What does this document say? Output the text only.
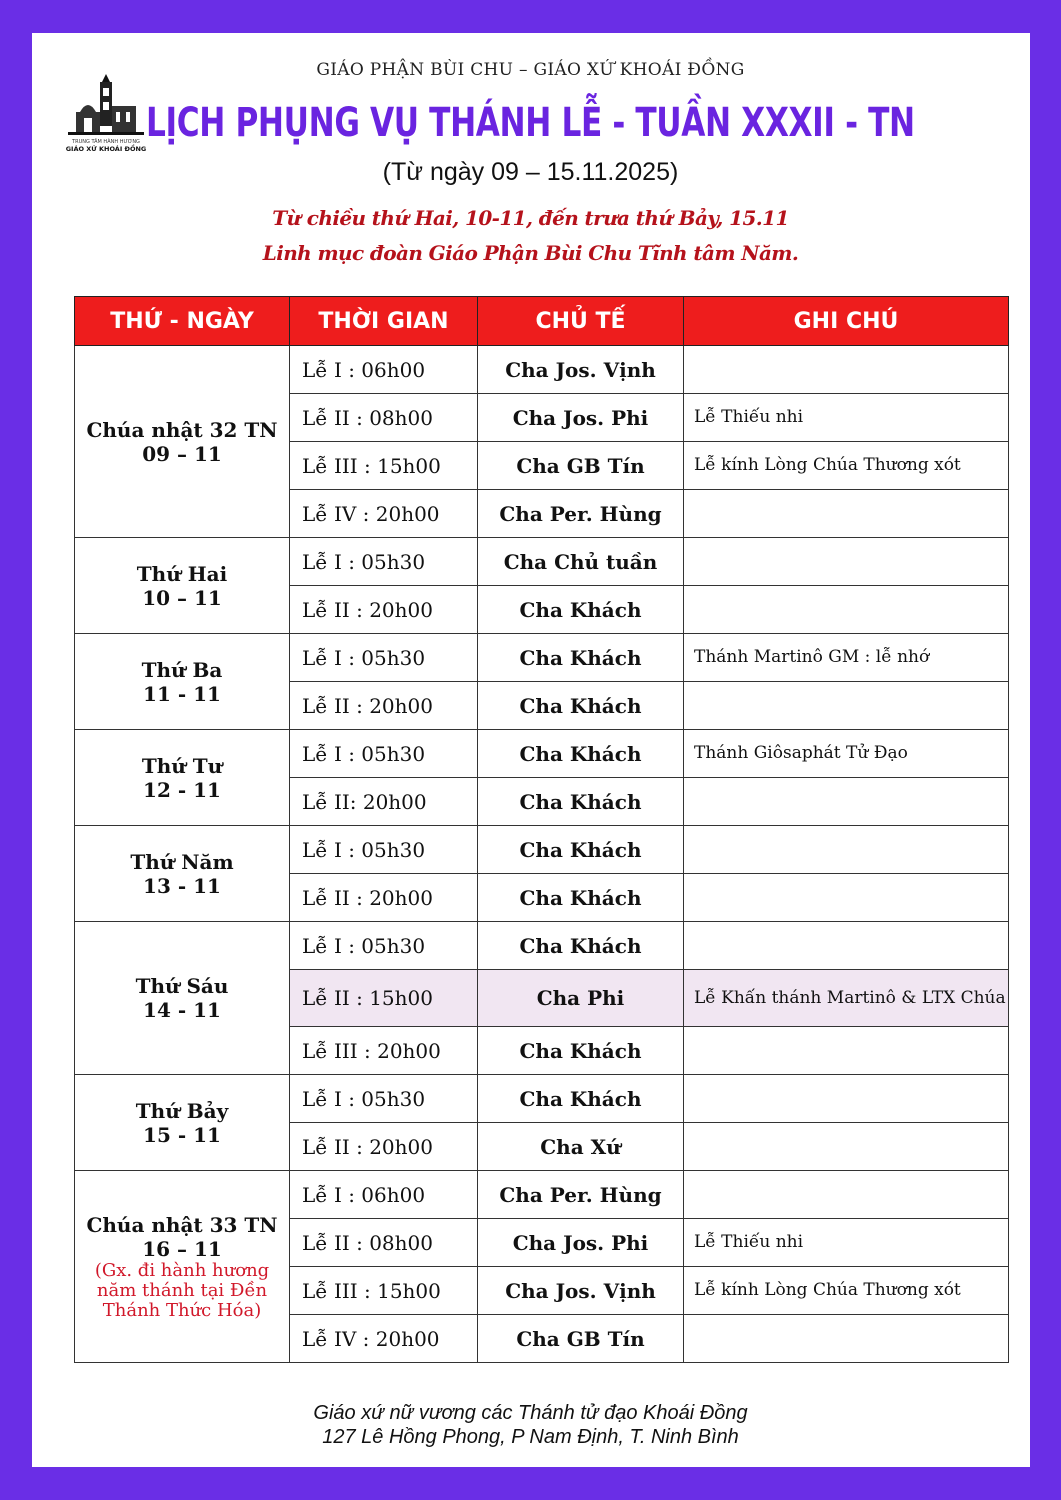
TRUNG TÂM HÀNH HƯƠNG
GIÁO XỨ KHOÁI ĐỒNG
GIÁO PHẬN BÙI CHU – GIÁO XỨ KHOÁI ĐỒNG
LỊCH PHỤNG VỤ THÁNH LỄ - TUẦN XXXII - TN
(Từ ngày 09 – 15.11.2025)
Từ chiều thứ Hai, 10-11, đến trưa thứ Bảy, 15.11
Linh mục đoàn Giáo Phận Bùi Chu Tĩnh tâm Năm.
THỨ - NGÀY	THỜI GIAN	CHỦ TẾ	GHI CHÚ

Chúa nhật 32 TN
09 – 11	Lễ I : 06h00	Cha Jos. Vịnh	
	Lễ II : 08h00	Cha Jos. Phi	Lễ Thiếu nhi
	Lễ III : 15h00	Cha GB Tín	Lễ kính Lòng Chúa Thương xót
	Lễ IV : 20h00	Cha Per. Hùng	

Thứ Hai
10 – 11	Lễ I : 05h30	Cha Chủ tuần	
	Lễ II : 20h00	Cha Khách	

Thứ Ba
11 - 11	Lễ I : 05h30	Cha Khách	Thánh Martinô GM : lễ nhớ
	Lễ II : 20h00	Cha Khách	

Thứ Tư
12 - 11	Lễ I : 05h30	Cha Khách	Thánh Giôsaphát Tử Đạo
	Lễ II: 20h00	Cha Khách	

Thứ Năm
13 - 11	Lễ I : 05h30	Cha Khách	
	Lễ II : 20h00	Cha Khách	

Thứ Sáu
14 - 11	Lễ I : 05h30	Cha Khách	
	Lễ II : 15h00	Cha Phi	Lễ Khấn thánh Martinô & LTX Chúa
	Lễ III : 20h00	Cha Khách	

Thứ Bảy
15 - 11	Lễ I : 05h30	Cha Khách	
	Lễ II : 20h00	Cha Xứ	

Chúa nhật 33 TN
16 – 11
(Gx. đi hành hương năm thánh tại Đền Thánh Thức Hóa)	Lễ I : 06h00	Cha Per. Hùng	
	Lễ II : 08h00	Cha Jos. Phi	Lễ Thiếu nhi
	Lễ III : 15h00	Cha Jos. Vịnh	Lễ kính Lòng Chúa Thương xót
	Lễ IV : 20h00	Cha GB Tín	
Giáo xứ nữ vương các Thánh tử đạo Khoái Đồng
127 Lê Hồng Phong, P Nam Định, T. Ninh Bình
